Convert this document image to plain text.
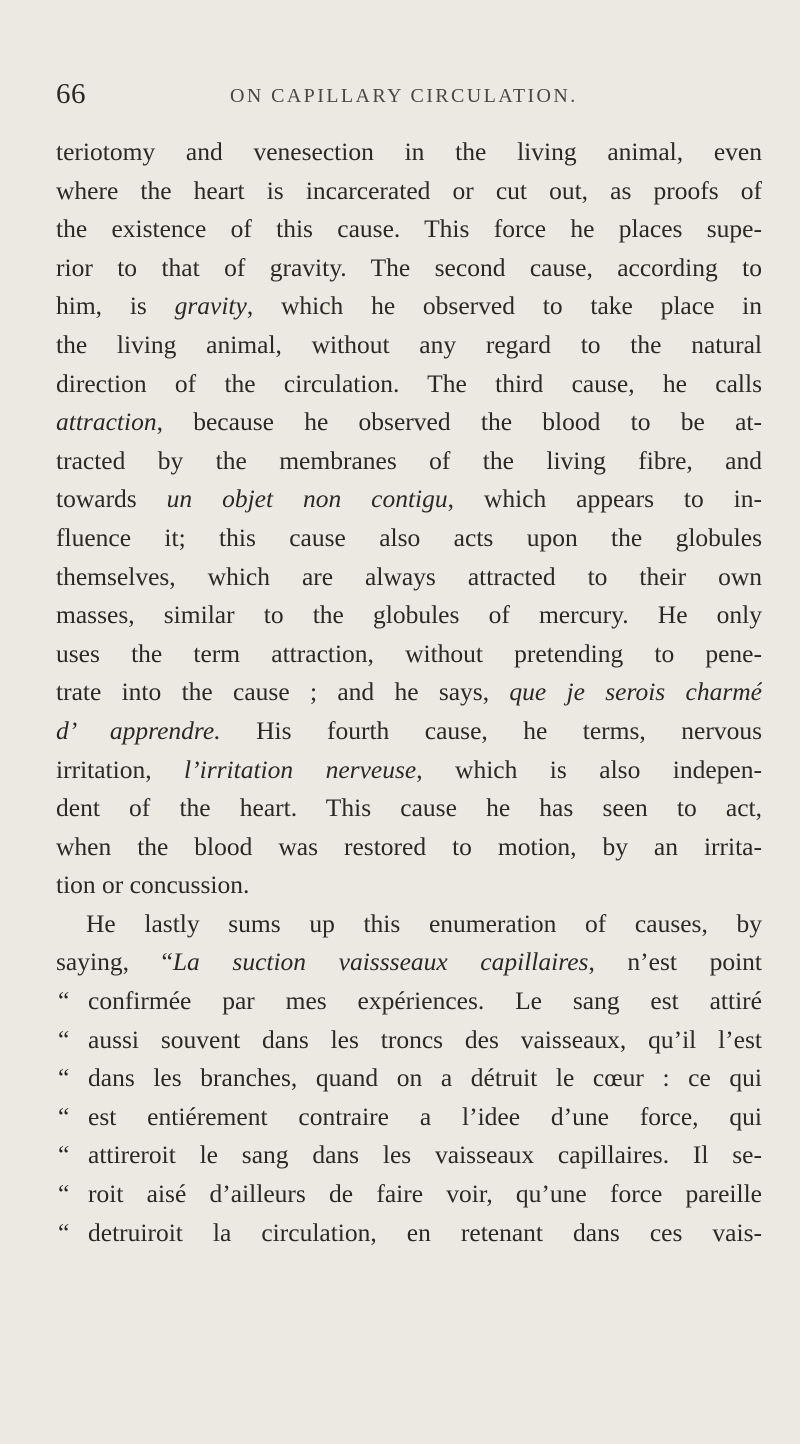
66	ON CAPILLARY CIRCULATION.
teriotomy and venesection in the living animal, even
where the heart is incarcerated or cut out, as proofs of
the existence of this cause. This force he places supe-
rior to that of gravity. The second cause, according to
him, is gravity, which he observed to take place in
the living animal, without any regard to the natural
direction of the circulation. The third cause, he calls
attraction, because he observed the blood to be at-
tracted by the membranes of the living fibre, and
towards un objet non contigu, which appears to in-
fluence it; this cause also acts upon the globules
themselves, which are always attracted to their own
masses, similar to the globules of mercury. He only
uses the term attraction, without pretending to pene-
trate into the cause ; and he says, que je serois charmé
d’ apprendre. His fourth cause, he terms, nervous
irritation, l’irritation nerveuse, which is also indepen-
dent of the heart. This cause he has seen to act,
when the blood was restored to motion, by an irrita-
tion or concussion.
He lastly sums up this enumeration of causes, by
saying, “La suction vaissseaux capillaires, n’est point
“ confirmée par mes expériences. Le sang est attiré
“ aussi souvent dans les troncs des vaisseaux, qu’il l’est
“ dans les branches, quand on a détruit le cœur : ce qui
“ est entiérement contraire a l’idee d’une force, qui
“ attireroit le sang dans les vaisseaux capillaires. Il se-
“ roit aisé d’ailleurs de faire voir, qu’une force pareille
“ detruiroit la circulation, en retenant dans ces vais-
